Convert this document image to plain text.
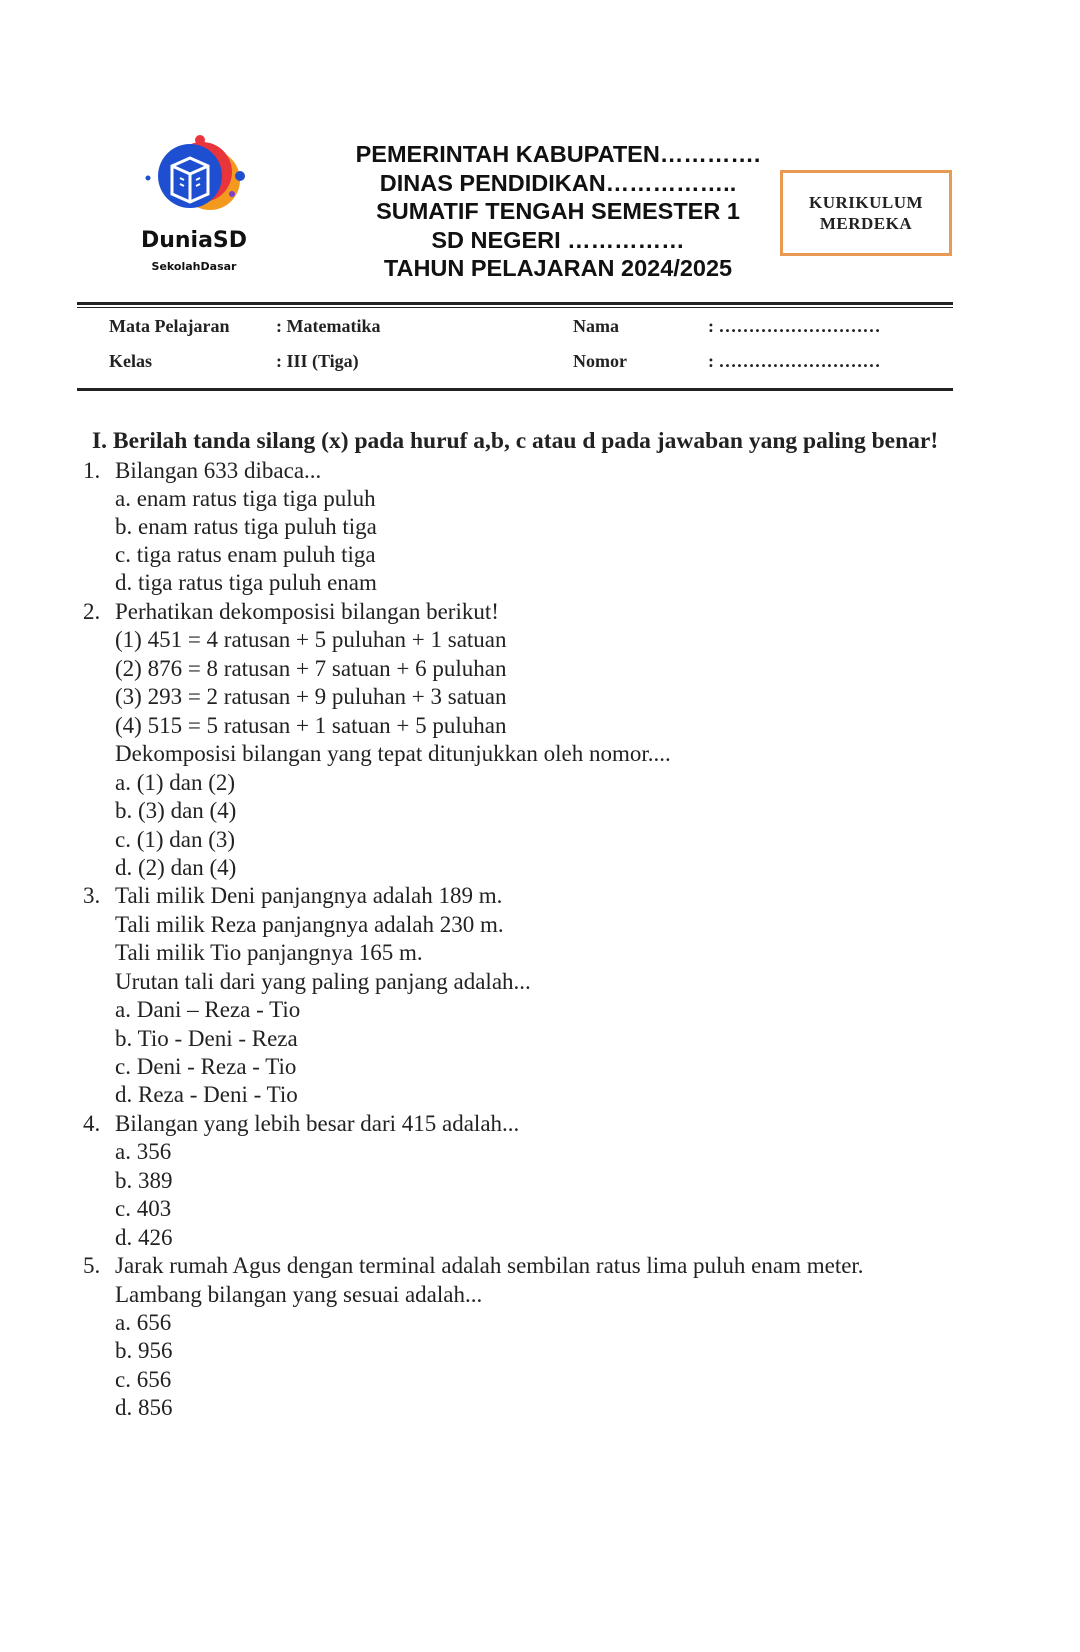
DuniaSD
SekolahDasar
PEMERINTAH KABUPATEN………….
DINAS PENDIDIKAN……………..
SUMATIF TENGAH SEMESTER 1
SD NEGERI ……………
TAHUN PELAJARAN 2024/2025
KURIKULUM
MERDEKA
Mata Pelajaran	: Matematika
Kelas	: III (Tiga)
Nama	: ………………………
Nomor	: ………………………
I. Berilah tanda silang (x) pada huruf a,b, c atau d pada jawaban yang paling benar!
1. Bilangan 633 dibaca...
a. enam ratus tiga tiga puluh
b. enam ratus tiga puluh tiga
c. tiga ratus enam puluh tiga
d. tiga ratus tiga puluh enam
2. Perhatikan dekomposisi bilangan berikut!
(1) 451 = 4 ratusan + 5 puluhan + 1 satuan
(2) 876 = 8 ratusan + 7 satuan + 6 puluhan
(3) 293 = 2 ratusan + 9 puluhan + 3 satuan
(4) 515 = 5 ratusan + 1 satuan + 5 puluhan
Dekomposisi bilangan yang tepat ditunjukkan oleh nomor....
a. (1) dan (2)
b. (3) dan (4)
c. (1) dan (3)
d. (2) dan (4)
3. Tali milik Deni panjangnya adalah 189 m.
Tali milik Reza panjangnya adalah 230 m.
Tali milik Tio panjangnya 165 m.
Urutan tali dari yang paling panjang adalah...
a. Dani – Reza - Tio
b. Tio - Deni - Reza
c. Deni - Reza - Tio
d. Reza - Deni - Tio
4. Bilangan yang lebih besar dari 415 adalah...
a. 356
b. 389
c. 403
d. 426
5. Jarak rumah Agus dengan terminal adalah sembilan ratus lima puluh enam meter.
Lambang bilangan yang sesuai adalah...
a. 656
b. 956
c. 656
d. 856
